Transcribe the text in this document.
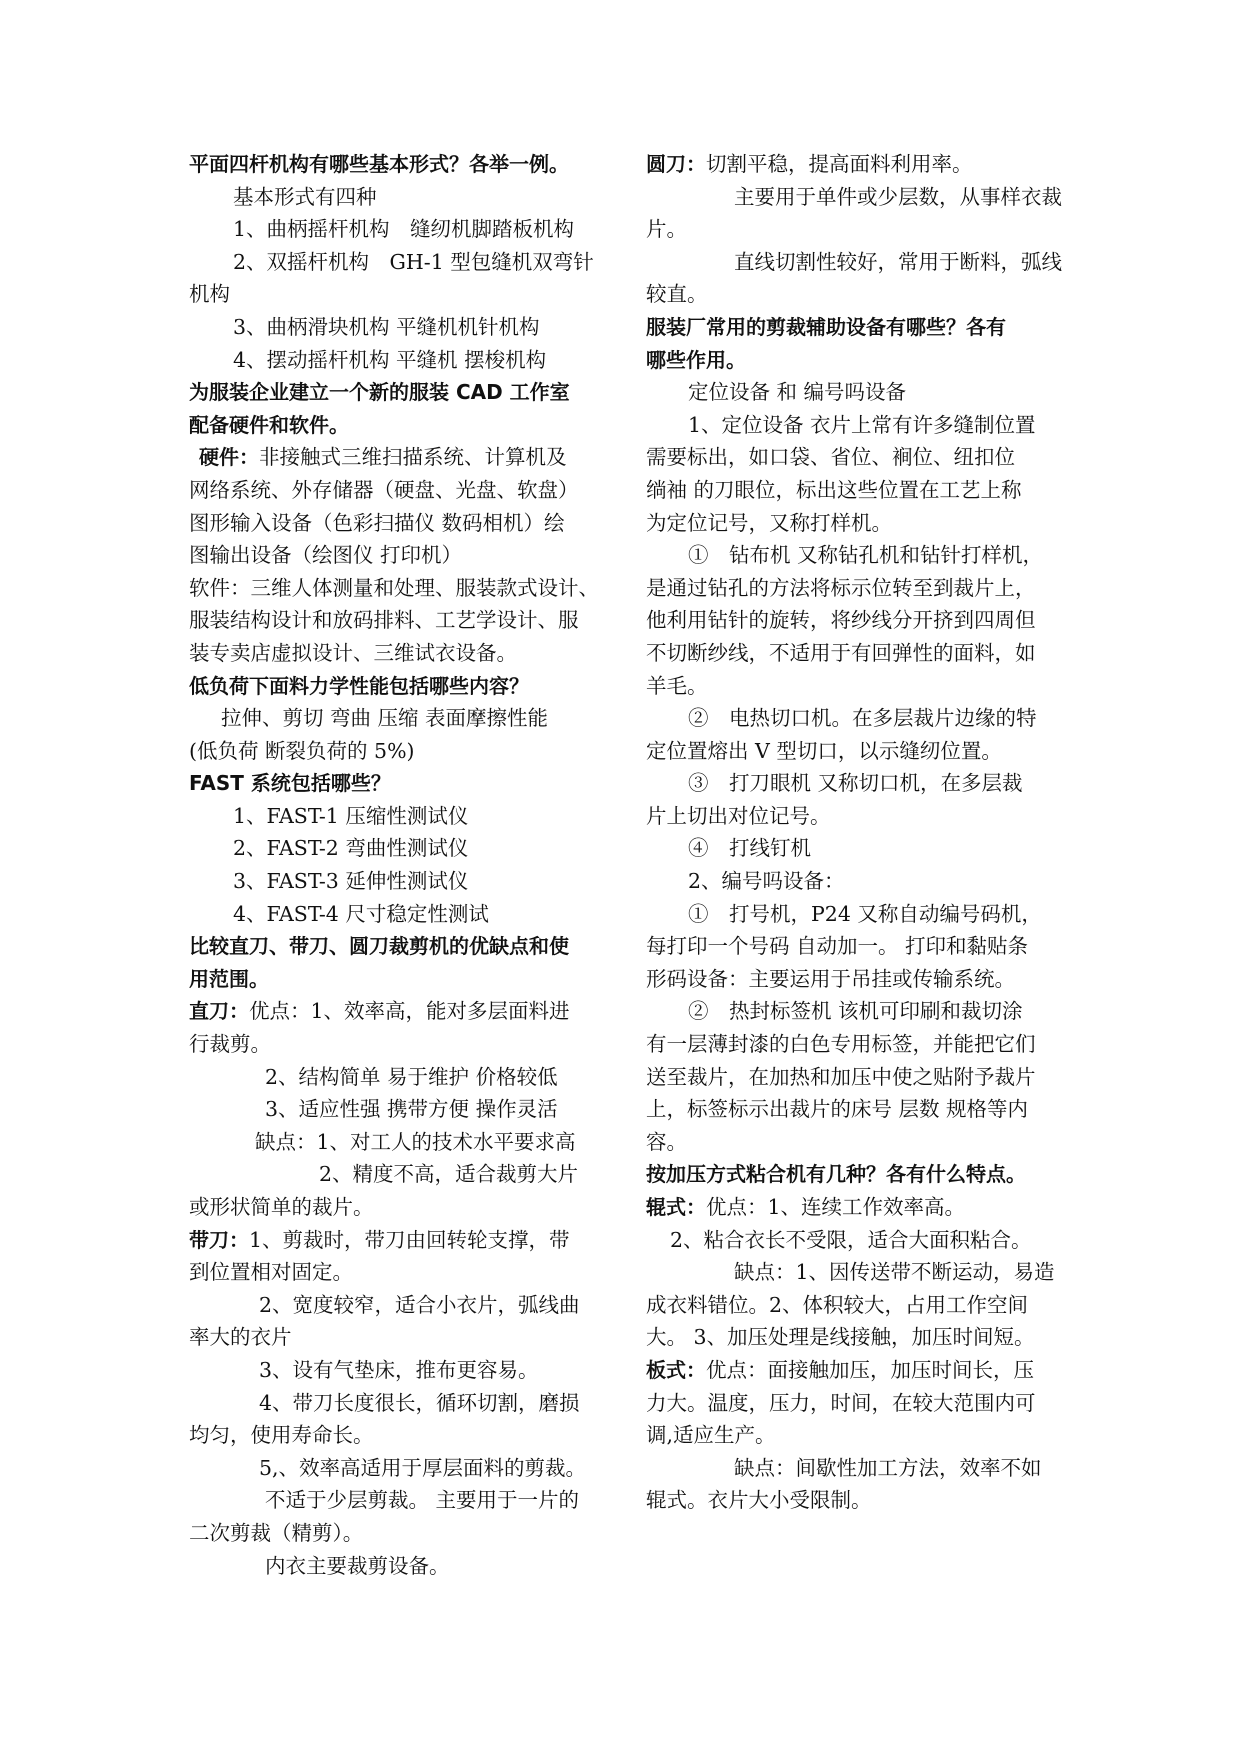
平面四杆机构有哪些基本形式？各举一例。
基本形式有四种
1、曲柄摇杆机构　缝纫机脚踏板机构
2、双摇杆机构　GH-1 型包缝机双弯针
机构
3、曲柄滑块机构 平缝机机针机构
4、摆动摇杆机构 平缝机 摆梭机构
为服装企业建立一个新的服装 CAD 工作室
配备硬件和软件。
硬件：非接触式三维扫描系统、计算机及
网络系统、外存储器（硬盘、光盘、软盘）
图形输入设备（色彩扫描仪 数码相机）绘
图输出设备（绘图仪 打印机）
软件：三维人体测量和处理、服装款式设计、
服装结构设计和放码排料、工艺学设计、服
装专卖店虚拟设计、三维试衣设备。
低负荷下面料力学性能包括哪些内容？
拉伸、剪切 弯曲 压缩 表面摩擦性能
(低负荷 断裂负荷的 5%)
FAST 系统包括哪些？
1、FAST-1 压缩性测试仪
2、FAST-2 弯曲性测试仪
3、FAST-3 延伸性测试仪
4、FAST-4 尺寸稳定性测试
比较直刀、带刀、圆刀裁剪机的优缺点和使
用范围。
直刀：优点：1、效率高，能对多层面料进
行裁剪。
2、结构简单 易于维护 价格较低
3、适应性强 携带方便 操作灵活
缺点：1、对工人的技术水平要求高
2、精度不高，适合裁剪大片
或形状简单的裁片。
带刀：1、剪裁时，带刀由回转轮支撑，带
到位置相对固定。
2、宽度较窄，适合小衣片，弧线曲
率大的衣片
3、设有气垫床，推布更容易。
4、带刀长度很长，循环切割，磨损
均匀，使用寿命长。
5,、效率高适用于厚层面料的剪裁。
不适于少层剪裁。 主要用于一片的
二次剪裁（精剪）。
内衣主要裁剪设备。
圆刀：切割平稳，提高面料利用率。
主要用于单件或少层数，从事样衣裁
片。
直线切割性较好，常用于断料，弧线
较直。
服装厂常用的剪裁辅助设备有哪些？各有
哪些作用。
定位设备 和 编号吗设备
1、定位设备 衣片上常有许多缝制位置
需要标出，如口袋、省位、裥位、纽扣位
绱袖 的刀眼位，标出这些位置在工艺上称
为定位记号，又称打样机。
①　钻布机 又称钻孔机和钻针打样机，
是通过钻孔的方法将标示位转至到裁片上，
他利用钻针的旋转，将纱线分开挤到四周但
不切断纱线，不适用于有回弹性的面料，如
羊毛。
②　电热切口机。在多层裁片边缘的特
定位置熔出 V 型切口，以示缝纫位置。
③　打刀眼机 又称切口机，在多层裁
片上切出对位记号。
④　打线钉机
2、编号吗设备：
①　打号机，P24 又称自动编号码机，
每打印一个号码 自动加一。 打印和黏贴条
形码设备：主要运用于吊挂或传输系统。
②　热封标签机 该机可印刷和裁切涂
有一层薄封漆的白色专用标签，并能把它们
送至裁片，在加热和加压中使之贴附予裁片
上，标签标示出裁片的床号 层数 规格等内
容。
按加压方式粘合机有几种？各有什么特点。
辊式：优点：1、连续工作效率高。
2、粘合衣长不受限，适合大面积粘合。
缺点：1、因传送带不断运动，易造
成衣料错位。2、体积较大，占用工作空间
大。 3、加压处理是线接触，加压时间短。
板式：优点：面接触加压，加压时间长，压
力大。温度，压力，时间，在较大范围内可
调,适应生产。
缺点：间歇性加工方法，效率不如
辊式。衣片大小受限制。
